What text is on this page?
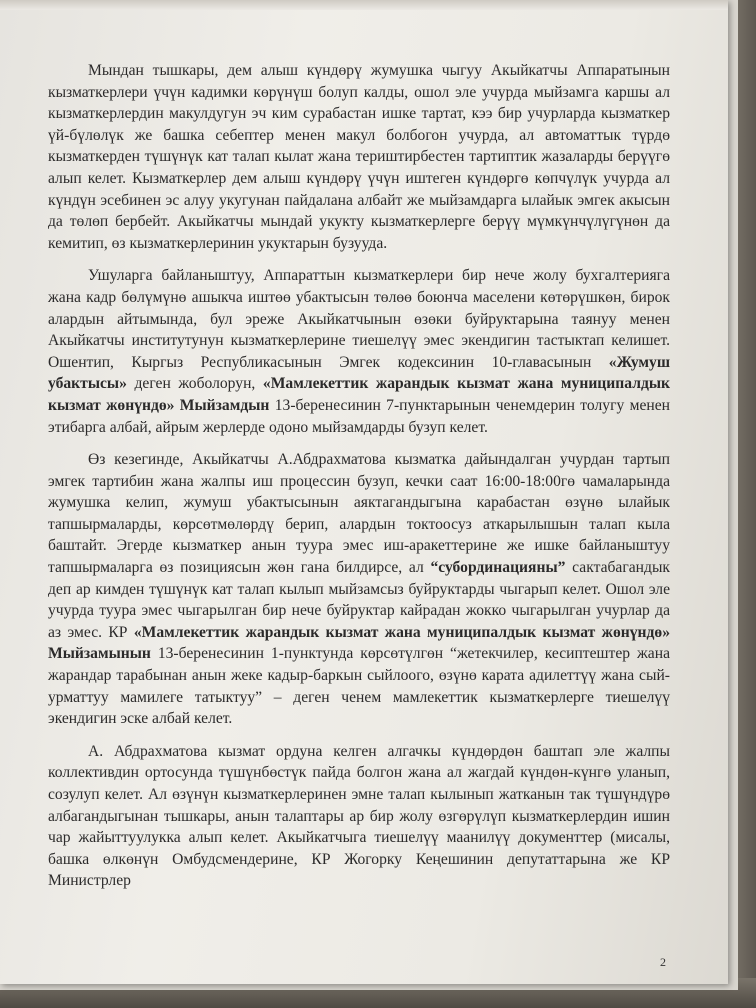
Мындан тышкары, дем алыш күндөрү жумушка чыгуу Акыйкатчы Аппаратынын кызматкерлери үчүн кадимки көрүнүш болуп калды, ошол эле учурда мыйзамга каршы ал кызматкерлердин макулдугун эч ким сурабастан ишке тартат, кээ бир учурларда кызматкер үй-бүлөлүк же башка себептер менен макул болбогон учурда, ал автоматтык түрдө кызматкерден түшүнүк кат талап кылат жана териштирбестен тартиптик жазаларды берүүгө алып келет. Кызматкерлер дем алыш күндөрү үчүн иштеген күндөргө көпчүлүк учурда ал күндүн эсебинен эс алуу укугунан пайдалана албайт же мыйзамдарга ылайык эмгек акысын да төлөп бербейт. Акыйкатчы мындай укукту кызматкерлерге берүү мүмкүнчүлүгүнөн да кемитип, өз кызматкерлеринин укуктарын бузууда.

Ушуларга байланыштуу, Аппараттын кызматкерлери бир нече жолу бухгалтерияга жана кадр бөлүмүнө ашыкча иштөө убактысын төлөө боюнча маселени көтөрүшкөн, бирок алардын айтымында, бул эреже Акыйкатчынын өзөки буйруктарына таянуу менен Акыйкатчы институтунун кызматкерлерине тиешелүү эмес экендигин тастыктап келишет. Ошентип, Кыргыз Республикасынын Эмгек кодексинин 10-главасынын «Жумуш убактысы» деген жоболорун, «Мамлекеттик жарандык кызмат жана муниципалдык кызмат жөнүндө» Мыйзамдын 13-беренесинин 7-пунктарынын ченемдерин толугу менен этибарга албай, айрым жерлерде одоно мыйзамдарды бузуп келет.

Өз кезегинде, Акыйкатчы А.Абдрахматова кызматка дайындалган учурдан тартып эмгек тартибин жана жалпы иш процессин бузуп, кечки саат 16:00-18:00гө чамаларында жумушка келип, жумуш убактысынын аяктагандыгына карабастан өзүнө ылайык тапшырмаларды, көрсөтмөлөрдү берип, алардын токтоосуз аткарылышын талап кыла баштайт. Эгерде кызматкер анын туура эмес иш-аракеттерине же ишке байланыштуу тапшырмаларга өз позициясын жөн гана билдирсе, ал “субординацияны” сактабагандык деп ар кимден түшүнүк кат талап кылып мыйзамсыз буйруктарды чыгарып келет. Ошол эле учурда туура эмес чыгарылган бир нече буйруктар кайрадан жокко чыгарылган учурлар да аз эмес. КР «Мамлекеттик жарандык кызмат жана муниципалдык кызмат жөнүндө» Мыйзамынын 13-беренесинин 1-пунктунда көрсөтүлгөн “жетекчилер, кесиптештер жана жарандар тарабынан анын жеке кадыр-баркын сыйлоого, өзүнө карата адилеттүү жана сый-урматтуу мамилеге татыктуу” – деген ченем мамлекеттик кызматкерлерге тиешелүү экендигин эске албай келет.

А. Абдрахматова кызмат ордуна келген алгачкы күндөрдөн баштап эле жалпы коллективдин ортосунда түшүнбөстүк пайда болгон жана ал жагдай күндөн-күнгө уланып, созулуп келет. Ал өзүнүн кызматкерлеринен эмне талап кылынып жатканын так түшүндүрө албагандыгынан тышкары, анын талаптары ар бир жолу өзгөрүлүп кызматкерлердин ишин чар жайыттуулукка алып келет. Акыйкатчыга тиешелүү маанилүү документтер (мисалы, башка өлкөнүн Омбудсмендерине, КР Жогорку Кеңешинин депутаттарына же КР Министрлер

2
